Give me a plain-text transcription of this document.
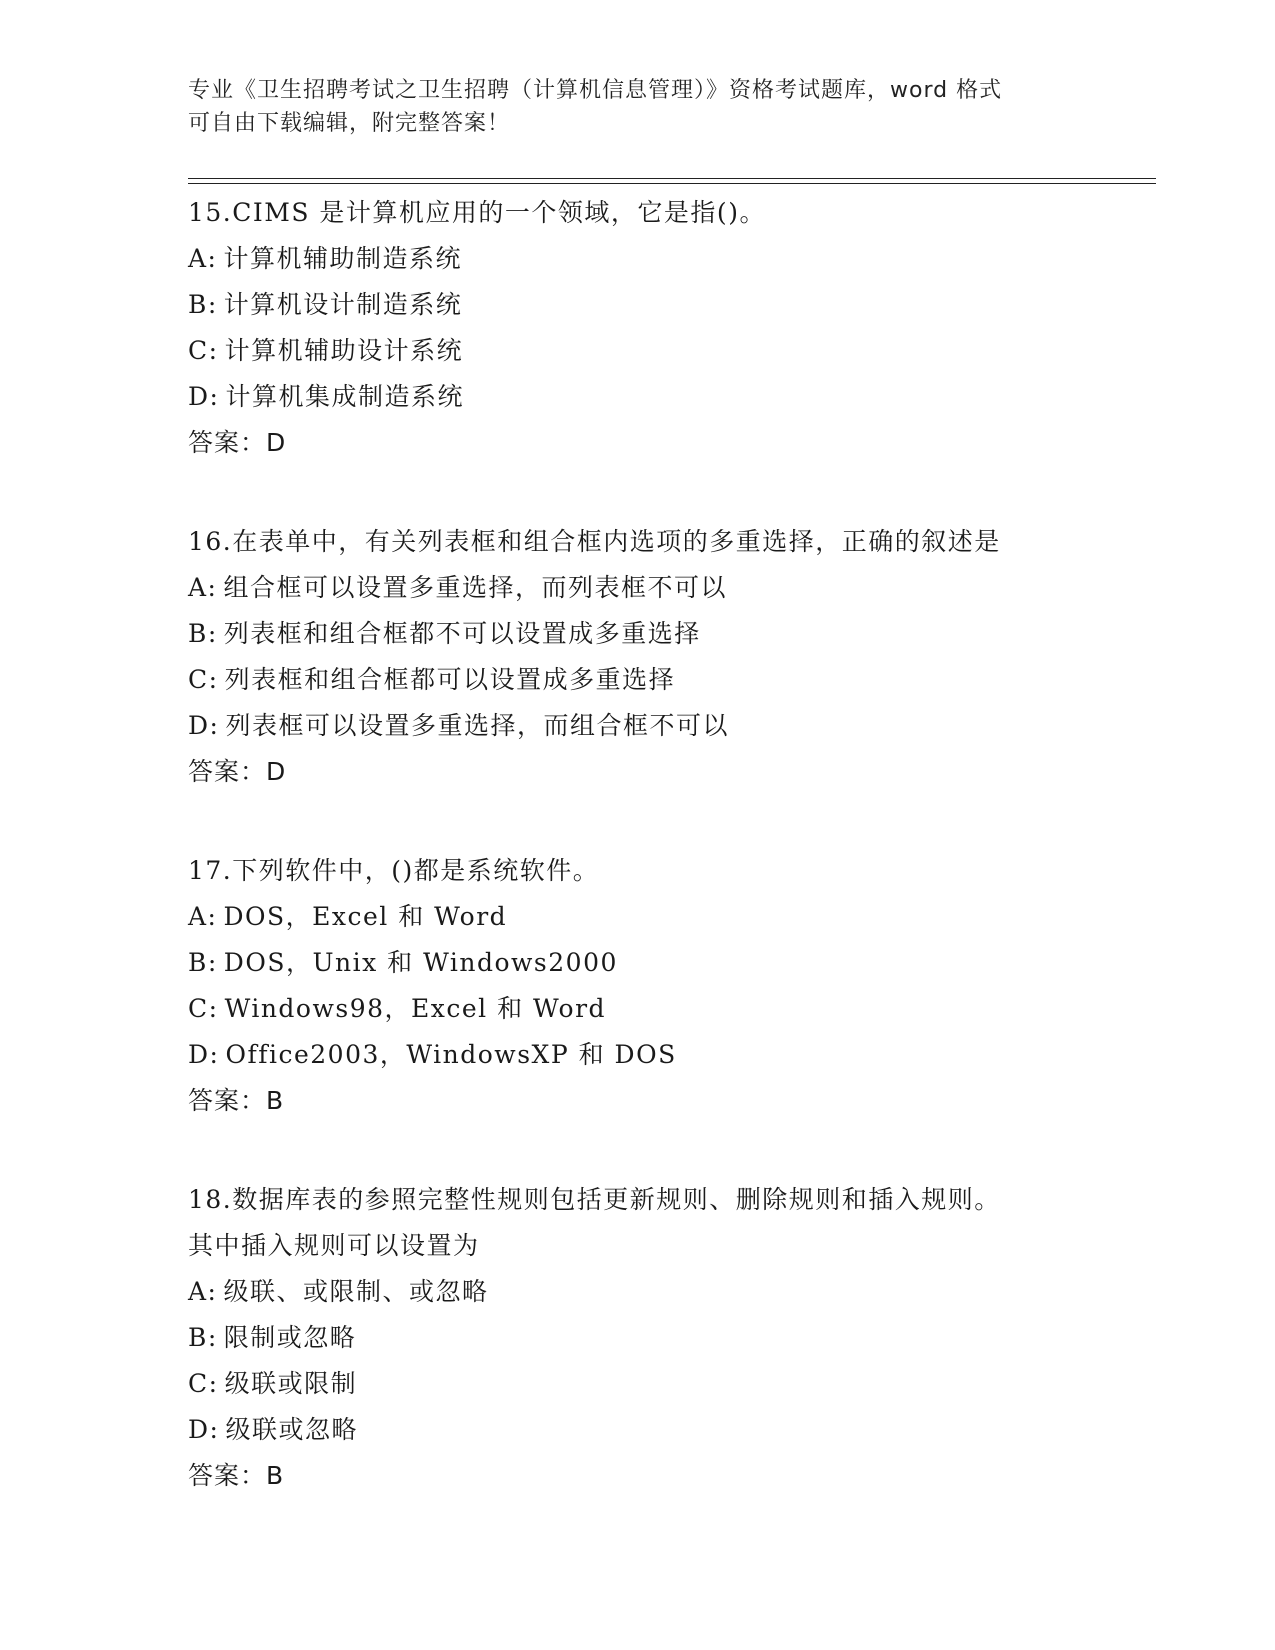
专业《卫生招聘考试之卫生招聘（计算机信息管理）》资格考试题库，word 格式

可自由下载编辑，附完整答案！

15.CIMS 是计算机应用的一个领域，它是指()。
A: 计算机辅助制造系统
B: 计算机设计制造系统
C: 计算机辅助设计系统
D: 计算机集成制造系统
答案：D
16.在表单中，有关列表框和组合框内选项的多重选择，正确的叙述是
A: 组合框可以设置多重选择，而列表框不可以
B: 列表框和组合框都不可以设置成多重选择
C: 列表框和组合框都可以设置成多重选择
D: 列表框可以设置多重选择，而组合框不可以
答案：D
17.下列软件中，()都是系统软件。
A: DOS，Excel 和 Word
B: DOS，Unix 和 Windows2000
C: Windows98，Excel 和 Word
D: Office2003，WindowsXP 和 DOS
答案：B
18.数据库表的参照完整性规则包括更新规则、删除规则和插入规则。
其中插入规则可以设置为
A: 级联、或限制、或忽略
B: 限制或忽略
C: 级联或限制
D: 级联或忽略
答案：B
